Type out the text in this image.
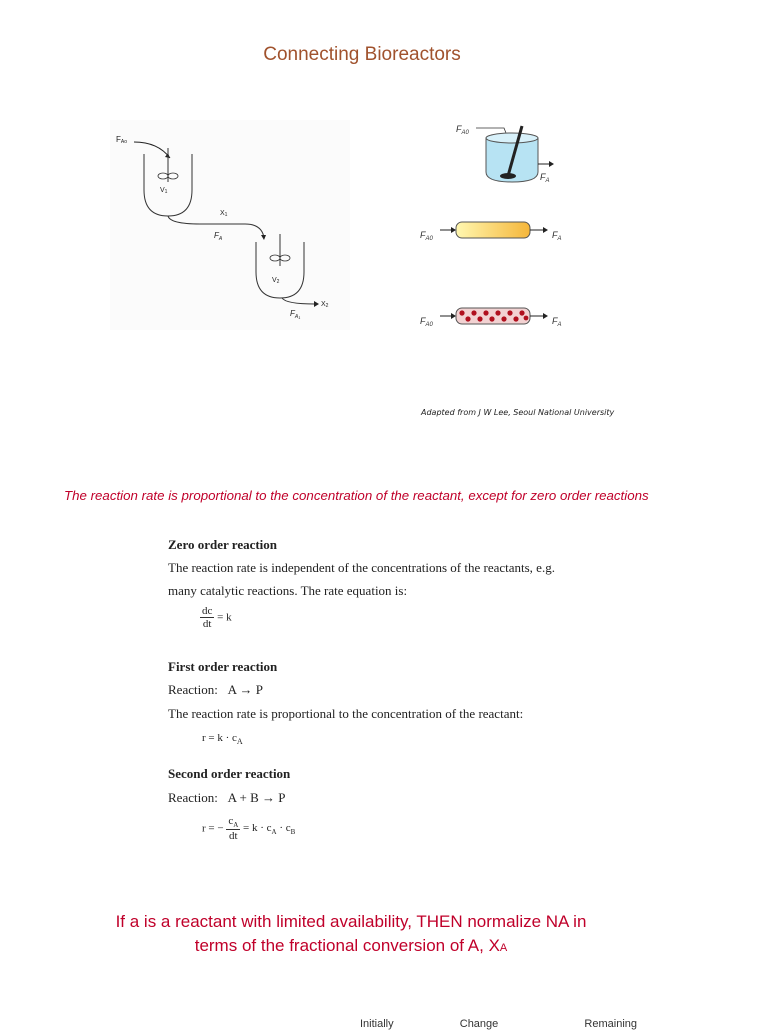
Connecting Bioreactors
FAo
V1
X1
$F_A$
V2
X2
$F_A1$
$F_{A0}$
$F_A$
$F_{A0}$	$F_A$
$F_{A0}$	$F_A$
Adapted from J W Lee, Seoul National University
The reaction rate is proportional to the concentration of the reactant, except for zero order reactions
Zero order reaction
The reaction rate is independent of the concentrations of the reactants, e.g.
many catalytic reactions. The rate equation is:
$\frac{dc}{dt} = k$
First order reaction
Reaction: A → P
The reaction rate is proportional to the concentration of the reactant:
$r = k \cdot c_A$
Second order reaction
Reaction: A + B → P
r = − $\frac{c_A}{dt} = k \cdot c_A \cdot c_B$
If a is a reactant with limited availability, THEN normalize NA in
terms of the fractional conversion of A, XA
Initially	Change	Remaining
